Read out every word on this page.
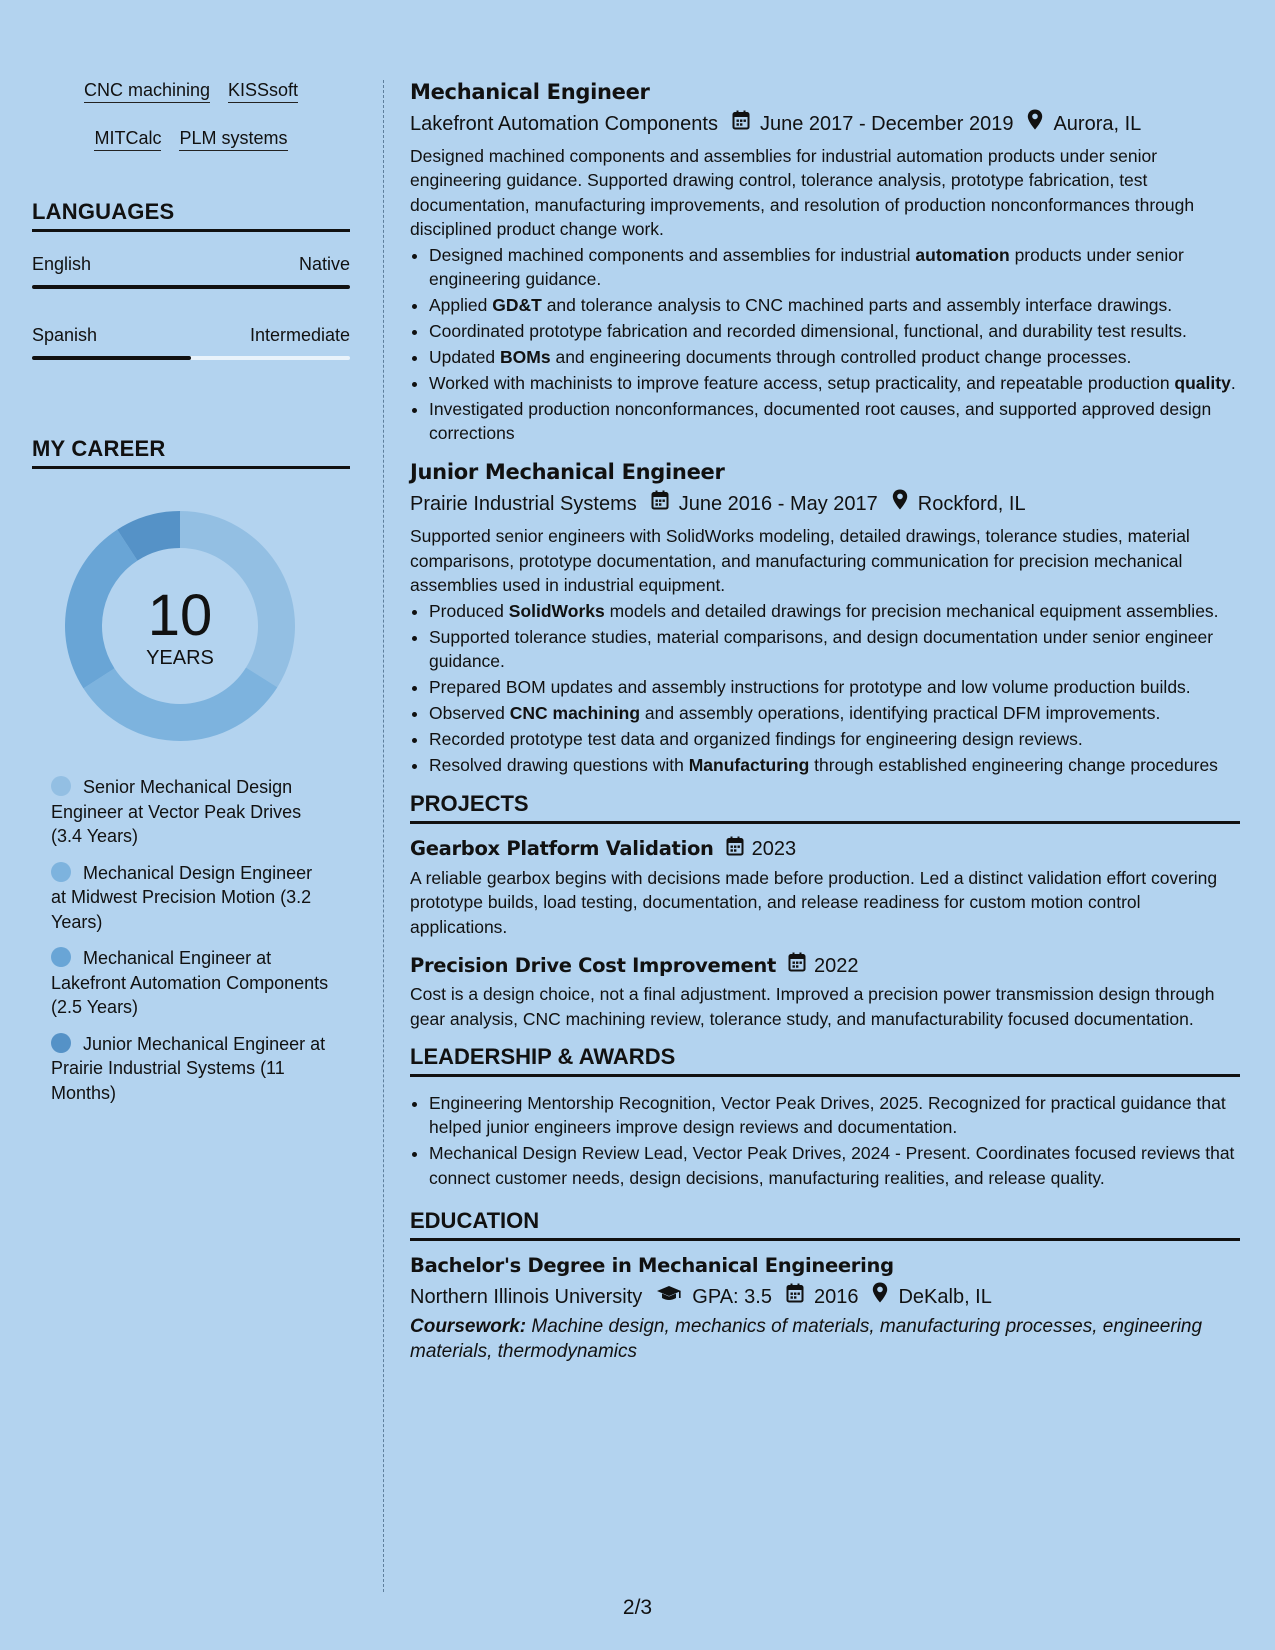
CNC machining KISSsoft
MITCalc PLM systems
LANGUAGES
English	Native
Spanish	Intermediate
MY CAREER
10
YEARS
Senior Mechanical Design Engineer at Vector Peak Drives (3.4 Years)
Mechanical Design Engineer at Midwest Precision Motion (3.2 Years)
Mechanical Engineer at Lakefront Automation Components (2.5 Years)
Junior Mechanical Engineer at Prairie Industrial Systems (11 Months)
Mechanical Engineer
Lakefront Automation Components June 2017 - December 2019 Aurora, IL
Designed machined components and assemblies for industrial automation products under senior engineering guidance. Supported drawing control, tolerance analysis, prototype fabrication, test documentation, manufacturing improvements, and resolution of production nonconformances through disciplined product change work.
• Designed machined components and assemblies for industrial automation products under senior engineering guidance.
• Applied GD&T and tolerance analysis to CNC machined parts and assembly interface drawings.
• Coordinated prototype fabrication and recorded dimensional, functional, and durability test results.
• Updated BOMs and engineering documents through controlled product change processes.
• Worked with machinists to improve feature access, setup practicality, and repeatable production quality.
• Investigated production nonconformances, documented root causes, and supported approved design corrections
Junior Mechanical Engineer
Prairie Industrial Systems June 2016 - May 2017 Rockford, IL
Supported senior engineers with SolidWorks modeling, detailed drawings, tolerance studies, material comparisons, prototype documentation, and manufacturing communication for precision mechanical assemblies used in industrial equipment.
• Produced SolidWorks models and detailed drawings for precision mechanical equipment assemblies.
• Supported tolerance studies, material comparisons, and design documentation under senior engineer guidance.
• Prepared BOM updates and assembly instructions for prototype and low volume production builds.
• Observed CNC machining and assembly operations, identifying practical DFM improvements.
• Recorded prototype test data and organized findings for engineering design reviews.
• Resolved drawing questions with Manufacturing through established engineering change procedures
PROJECTS
Gearbox Platform Validation 2023
A reliable gearbox begins with decisions made before production. Led a distinct validation effort covering prototype builds, load testing, documentation, and release readiness for custom motion control applications.
Precision Drive Cost Improvement 2022
Cost is a design choice, not a final adjustment. Improved a precision power transmission design through gear analysis, CNC machining review, tolerance study, and manufacturability focused documentation.
LEADERSHIP & AWARDS
• Engineering Mentorship Recognition, Vector Peak Drives, 2025. Recognized for practical guidance that helped junior engineers improve design reviews and documentation.
• Mechanical Design Review Lead, Vector Peak Drives, 2024 - Present. Coordinates focused reviews that connect customer needs, design decisions, manufacturing realities, and release quality.
EDUCATION
Bachelor's Degree in Mechanical Engineering
Northern Illinois University	GPA: 3.5 2016 DeKalb, IL
Coursework: Machine design, mechanics of materials, manufacturing processes, engineering materials, thermodynamics
2/3
